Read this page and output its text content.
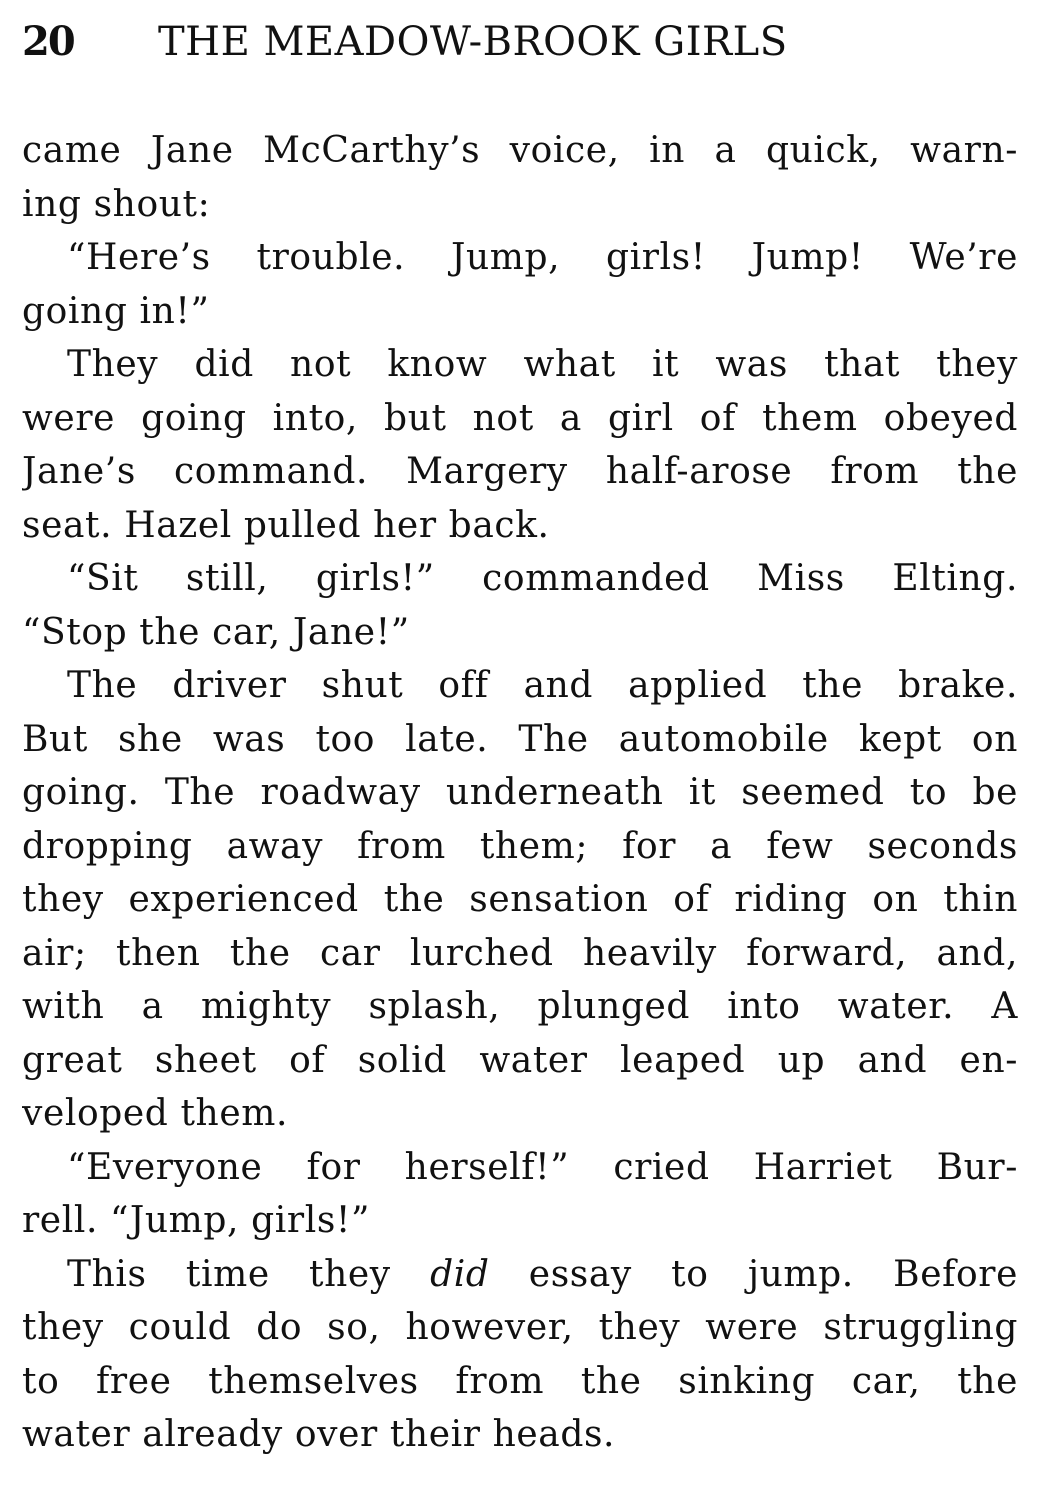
20 THE MEADOW-BROOK GIRLS
came Jane McCarthy’s voice, in a quick, warn-
ing shout:
“Here’s trouble. Jump, girls! Jump! We’re
going in!”
They did not know what it was that they
were going into, but not a girl of them obeyed
Jane’s command. Margery half-arose from the
seat. Hazel pulled her back.
“Sit still, girls!” commanded Miss Elting.
“Stop the car, Jane!”
The driver shut off and applied the brake.
But she was too late. The automobile kept on
going. The roadway underneath it seemed to be
dropping away from them; for a few seconds
they experienced the sensation of riding on thin
air; then the car lurched heavily forward, and,
with a mighty splash, plunged into water. A
great sheet of solid water leaped up and en-
veloped them.
“Everyone for herself!” cried Harriet Bur-
rell. “Jump, girls!”
This time they did essay to jump. Before
they could do so, however, they were struggling
to free themselves from the sinking car, the
water already over their heads.
